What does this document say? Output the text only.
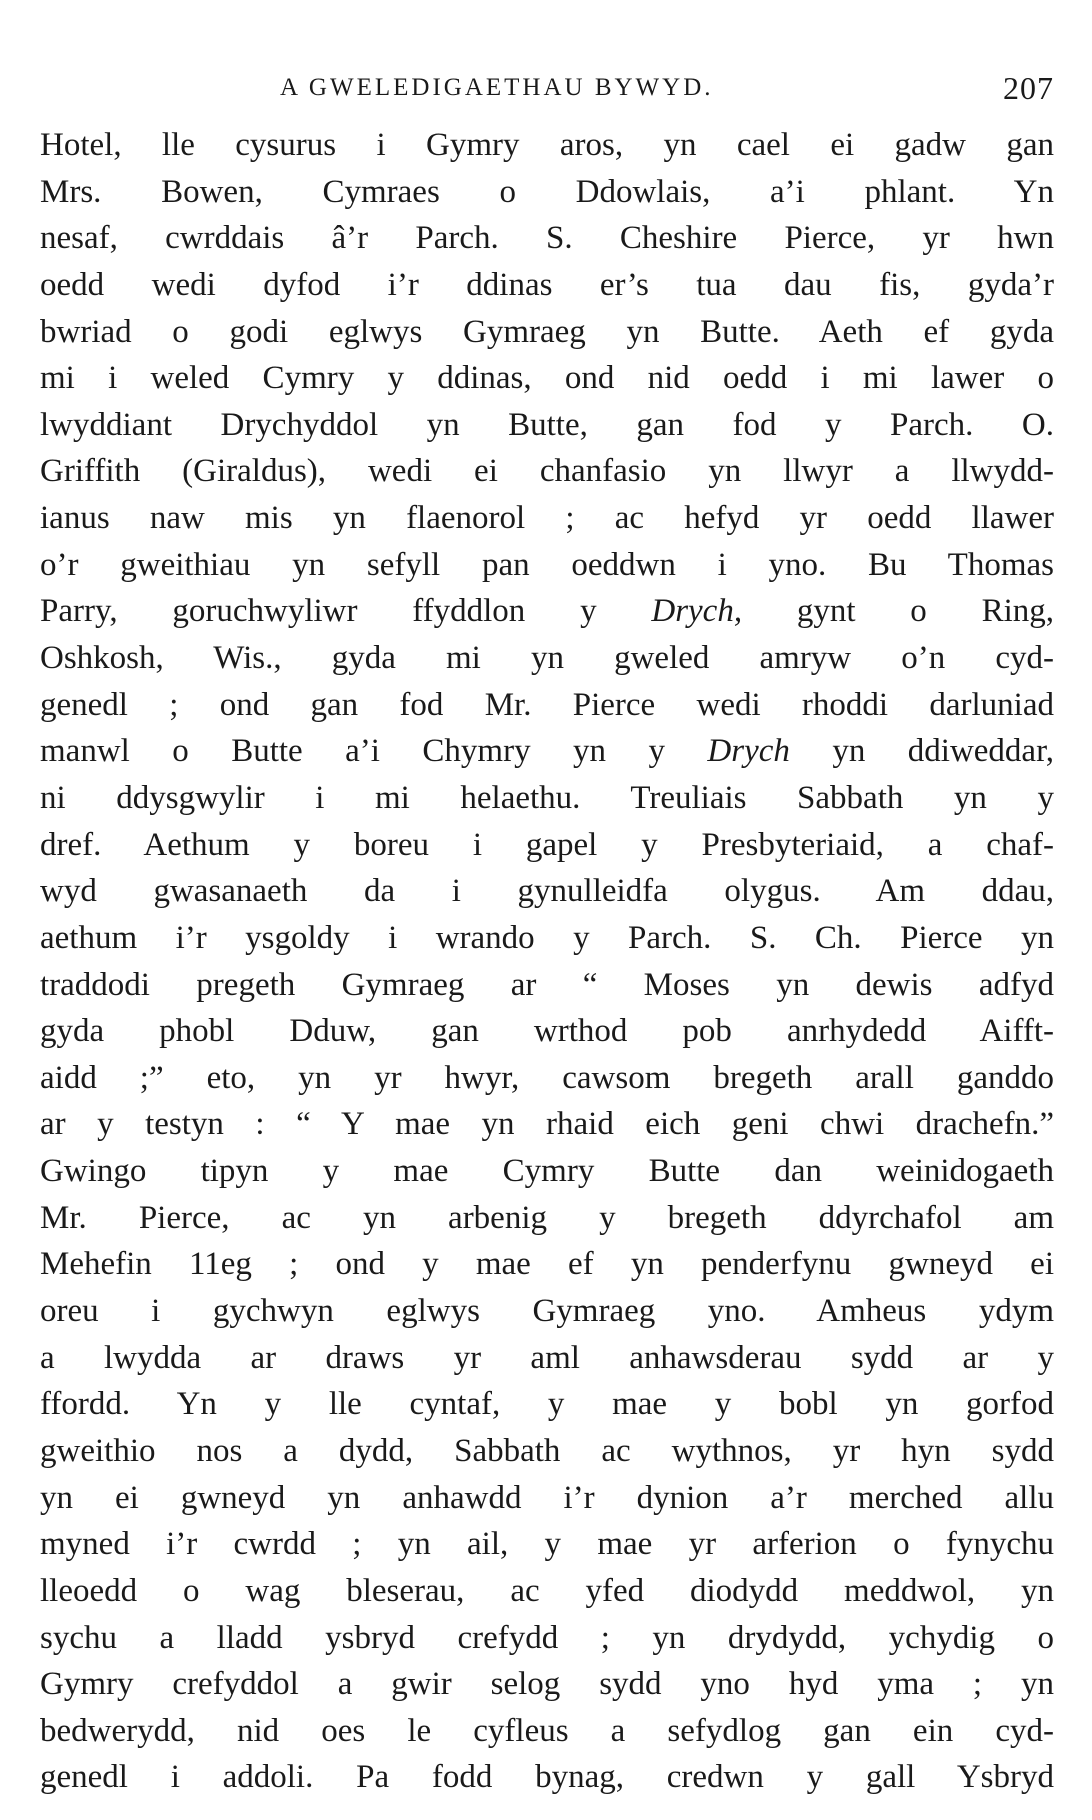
A GWELEDIGAETHAU BYWYD.	207
Hotel, lle cysurus i Gymry aros, yn cael ei gadw gan
Mrs. Bowen, Cymraes o Ddowlais, a’i phlant. Yn
nesaf, cwrddais â’r Parch. S. Cheshire Pierce, yr hwn
oedd wedi dyfod i’r ddinas er’s tua dau fis, gyda’r
bwriad o godi eglwys Gymraeg yn Butte. Aeth ef gyda
mi i weled Cymry y ddinas, ond nid oedd i mi lawer o
lwyddiant Drychyddol yn Butte, gan fod y Parch. O.
Griffith (Giraldus), wedi ei chanfasio yn llwyr a llwydd-
ianus naw mis yn flaenorol ; ac hefyd yr oedd llawer
o’r gweithiau yn sefyll pan oeddwn i yno. Bu Thomas
Parry, goruchwyliwr ffyddlon y Drych, gynt o Ring,
Oshkosh, Wis., gyda mi yn gweled amryw o’n cyd-
genedl ; ond gan fod Mr. Pierce wedi rhoddi darluniad
manwl o Butte a’i Chymry yn y Drych yn ddiweddar,
ni ddysgwylir i mi helaethu. Treuliais Sabbath yn y
dref. Aethum y boreu i gapel y Presbyteriaid, a chaf-
wyd gwasanaeth da i gynulleidfa olygus. Am ddau,
aethum i’r ysgoldy i wrando y Parch. S. Ch. Pierce yn
traddodi pregeth Gymraeg ar “ Moses yn dewis adfyd
gyda phobl Dduw, gan wrthod pob anrhydedd Aifft-
aidd ;” eto, yn yr hwyr, cawsom bregeth arall ganddo
ar y testyn : “ Y mae yn rhaid eich geni chwi drachefn.”
Gwingo tipyn y mae Cymry Butte dan weinidogaeth
Mr. Pierce, ac yn arbenig y bregeth ddyrchafol am
Mehefin 11eg ; ond y mae ef yn penderfynu gwneyd ei
oreu i gychwyn eglwys Gymraeg yno. Amheus ydym
a lwydda ar draws yr aml anhawsderau sydd ar y
ffordd. Yn y lle cyntaf, y mae y bobl yn gorfod
gweithio nos a dydd, Sabbath ac wythnos, yr hyn sydd
yn ei gwneyd yn anhawdd i’r dynion a’r merched allu
myned i’r cwrdd ; yn ail, y mae yr arferion o fynychu
lleoedd o wag bleserau, ac yfed diodydd meddwol, yn
sychu a lladd ysbryd crefydd ; yn drydydd, ychydig o
Gymry crefyddol a gwir selog sydd yno hyd yma ; yn
bedwerydd, nid oes le cyfleus a sefydlog gan ein cyd-
genedl i addoli. Pa fodd bynag, credwn y gall Ysbryd
